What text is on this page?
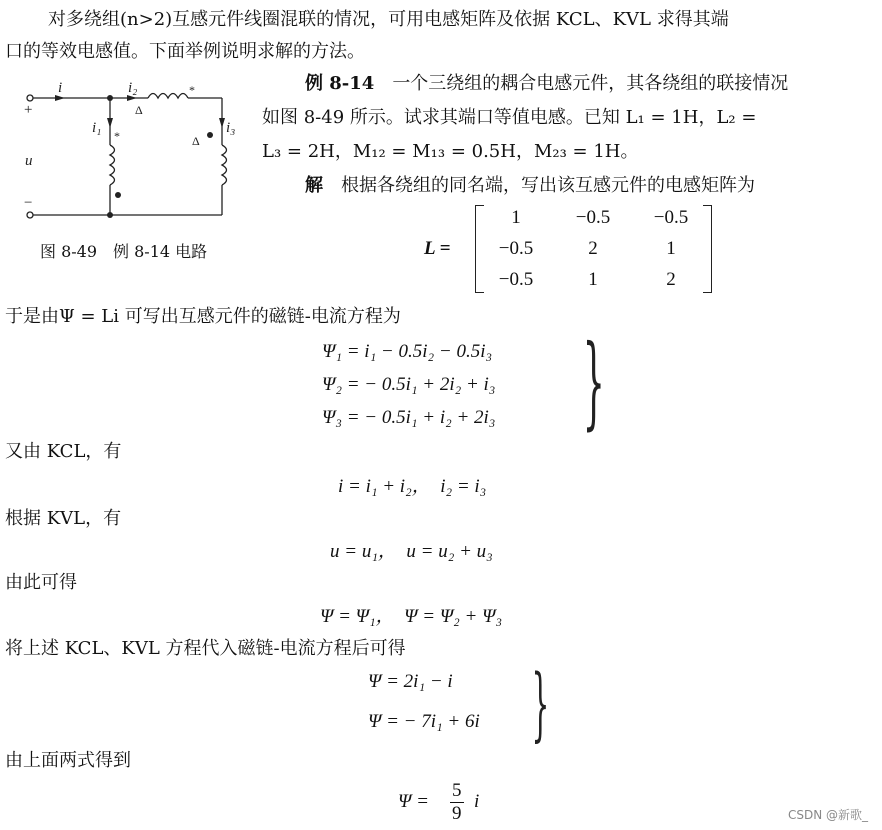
对多绕组(n>2)互感元件线圈混联的情况，可用电感矩阵及依据 KCL、KVL 求得其端
口的等效电感值。下面举例说明求解的方法。
i	i₂
i₁	i₃
u
+
−
*
*
Δ
Δ
图 8-49　例 8-14 电路
例 8-14　 一个三绕组的耦合电感元件，其各绕组的联接情况
如图 8-49 所示。试求其端口等值电感。已知 L₁ = 1H，L₂ =
L₃ = 2H，M₁₂ = M₁₃ = 0.5H，M₂₃ = 1H。
解　 根据各绕组的同名端，写出该互感元件的电感矩阵为
L =
1	−0.5	−0.5
−0.5	2	1
−0.5	1	2
于是由Ψ = Li 可写出互感元件的磁链-电流方程为
Ψ₁ = i₁ − 0.5i₂ − 0.5i₃
Ψ₂ = − 0.5i₁ + 2i₂ + i₃
Ψ₃ = − 0.5i₁ + i₂ + 2i₃ }
又由 KCL，有
i = i₁ + i₂，　i₂ = i₃
根据 KVL，有
u = u₁，　u = u₂ + u₃
由此可得
Ψ = Ψ₁，　Ψ = Ψ₂ + Ψ₃
将上述 KCL、KVL 方程代入磁链-电流方程后可得
Ψ = 2i₁ − i
Ψ = − 7i₁ + 6i }
由上面两式得到
$\Psi = \frac{5}{9}$ i
CSDN @新歌_
